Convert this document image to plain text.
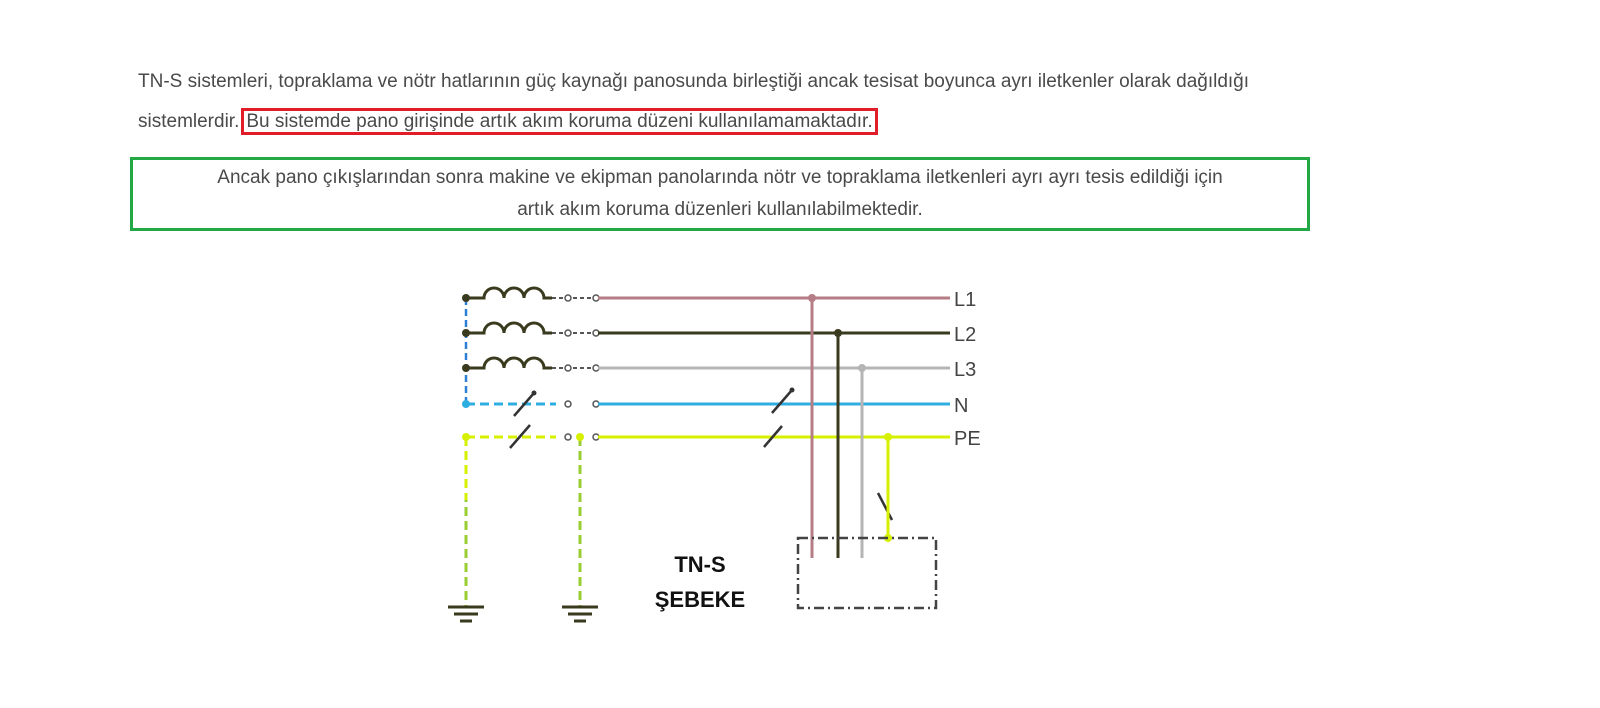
TN-S sistemleri, topraklama ve nötr hatlarının güç kaynağı panosunda birleştiği ancak tesisat boyunca ayrı iletkenler olarak dağıldığı sistemlerdir. Bu sistemde pano girişinde artık akım koruma düzeni kullanılamamaktadır.
Ancak pano çıkışlarından sonra makine ve ekipman panolarında nötr ve topraklama iletkenleri ayrı ayrı tesis edildiği için
artık akım koruma düzenleri kullanılabilmektedir.
L1
L2
L3
N
PE
TN-S
ŞEBEKE
